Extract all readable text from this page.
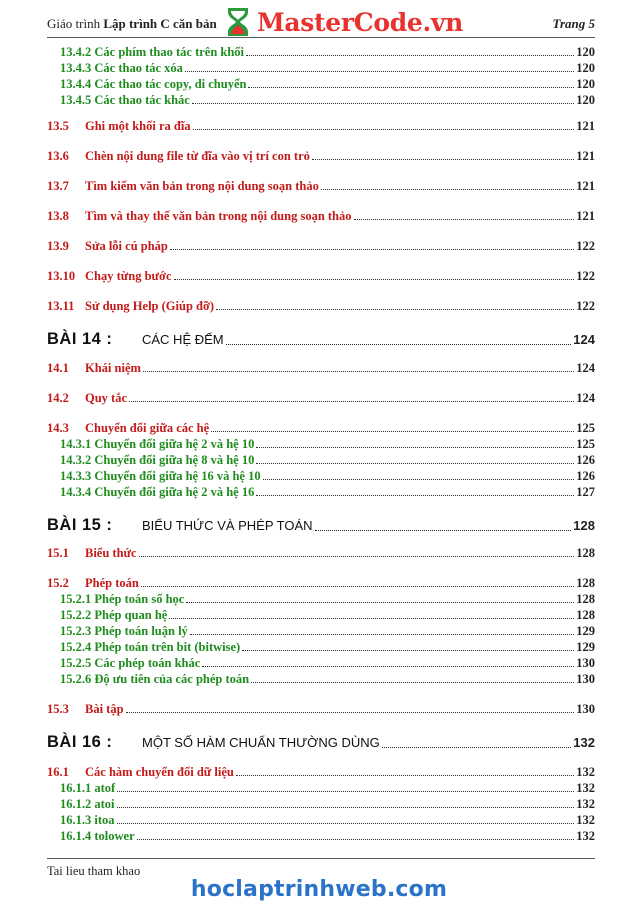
Giáo trình Lập trình C căn bản MasterCode.vn	Trang 5
13.4.2 Các phím thao tác trên khối	120
13.4.3 Các thao tác xóa	120
13.4.4 Các thao tác copy, di chuyển	120
13.4.5 Các thao tác khác	120
13.5 Ghi một khối ra đĩa	121
13.6 Chèn nội dung file từ đĩa vào vị trí con trỏ	121
13.7 Tìm kiếm văn bản trong nội dung soạn thảo	121
13.8 Tìm và thay thế văn bản trong nội dung soạn thảo	121
13.9 Sửa lỗi cú pháp	122
13.10 Chạy từng bước	122
13.11 Sử dụng Help (Giúp đỡ)	122
BÀI 14 : CÁC HỆ ĐẾM	124
14.1 Khái niệm	124
14.2 Quy tắc	124
14.3 Chuyển đổi giữa các hệ	125
14.3.1 Chuyển đổi giữa hệ 2 và hệ 10	125
14.3.2 Chuyển đổi giữa hệ 8 và hệ 10	126
14.3.3 Chuyển đổi giữa hệ 16 và hệ 10	126
14.3.4 Chuyển đổi giữa hệ 2 và hệ 16	127
BÀI 15 : BIỂU THỨC VÀ PHÉP TOÁN	128
15.1 Biểu thức	128
15.2 Phép toán	128
15.2.1 Phép toán số học	128
15.2.2 Phép quan hệ	128
15.2.3 Phép toán luận lý	129
15.2.4 Phép toán trên bit (bitwise)	129
15.2.5 Các phép toán khác	130
15.2.6 Độ ưu tiên của các phép toán	130
15.3 Bài tập	130
BÀI 16 : MỘT SỐ HÀM CHUẨN THƯỜNG DÙNG	132
16.1 Các hàm chuyển đổi dữ liệu	132
16.1.1 atof	132
16.1.2 atoi	132
16.1.3 itoa	132
16.1.4 tolower	132
Tai lieu tham khao
hoclaptrinhweb.com
